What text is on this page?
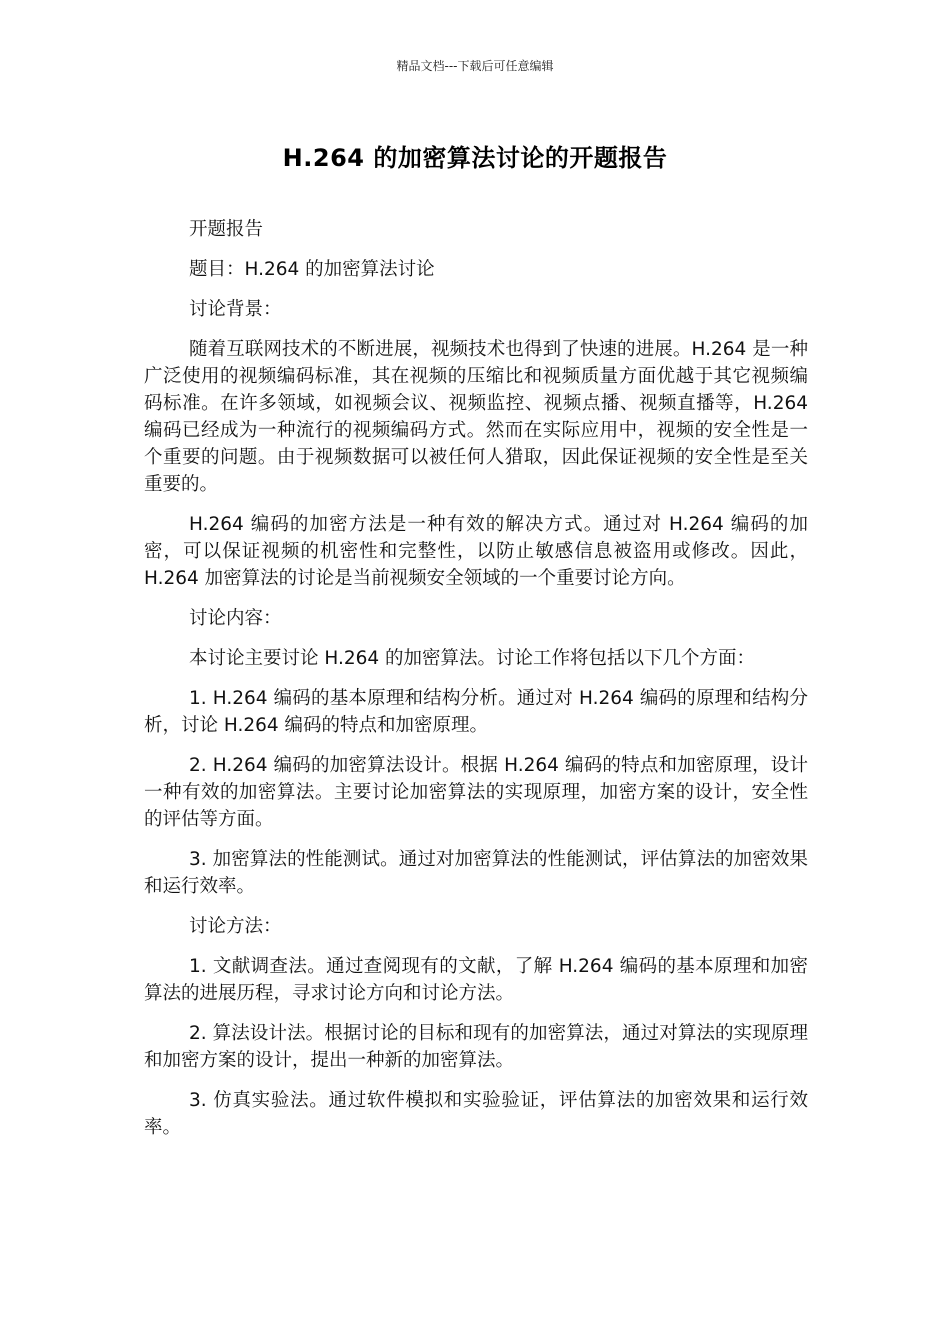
精品文档---下载后可任意编辑
H.264 的加密算法讨论的开题报告

开题报告

题目：H.264 的加密算法讨论

讨论背景：

随着互联网技术的不断进展，视频技术也得到了快速的进展。H.264 是一种广泛使用的视频编码标准，其在视频的压缩比和视频质量方面优越于其它视频编码标准。在许多领域，如视频会议、视频监控、视频点播、视频直播等，H.264 编码已经成为一种流行的视频编码方式。然而在实际应用中，视频的安全性是一个重要的问题。由于视频数据可以被任何人猎取，因此保证视频的安全性是至关重要的。

H.264 编码的加密方法是一种有效的解决方式。通过对 H.264 编码的加密，可以保证视频的机密性和完整性，以防止敏感信息被盗用或修改。因此，H.264 加密算法的讨论是当前视频安全领域的一个重要讨论方向。

讨论内容：

本讨论主要讨论 H.264 的加密算法。讨论工作将包括以下几个方面：

1. H.264 编码的基本原理和结构分析。通过对 H.264 编码的原理和结构分析，讨论 H.264 编码的特点和加密原理。

2. H.264 编码的加密算法设计。根据 H.264 编码的特点和加密原理，设计一种有效的加密算法。主要讨论加密算法的实现原理，加密方案的设计，安全性的评估等方面。

3. 加密算法的性能测试。通过对加密算法的性能测试，评估算法的加密效果和运行效率。

讨论方法：

1. 文献调查法。通过查阅现有的文献，了解 H.264 编码的基本原理和加密算法的进展历程，寻求讨论方向和讨论方法。

2. 算法设计法。根据讨论的目标和现有的加密算法，通过对算法的实现原理和加密方案的设计，提出一种新的加密算法。

3. 仿真实验法。通过软件模拟和实验验证，评估算法的加密效果和运行效率。
